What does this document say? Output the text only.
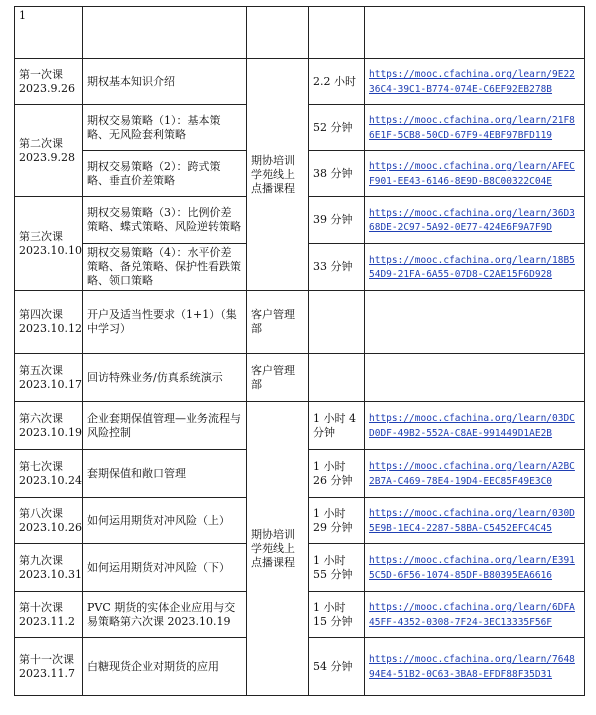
1				

第一次课
2023.9.26	期权基本知识介绍	期协培训学苑线上点播课程	2.2 小时	https://mooc.cfachina.org/learn/9E2236C4-39C1-B774-074E-C6EF92EB278B

第二次课
2023.9.28	期权交易策略（1）：基本策略、无风险套利策略		52 分钟	https://mooc.cfachina.org/learn/21F86E1F-5CB8-50CD-67F9-4EBF97BFD119
	期权交易策略（2）：跨式策略、垂直价差策略		38 分钟	https://mooc.cfachina.org/learn/AFECF901-EE43-6146-8E9D-B8C00322C04E

第三次课
2023.10.10	期权交易策略（3）：比例价差策略、蝶式策略、风险逆转策略		39 分钟	https://mooc.cfachina.org/learn/36D368DE-2C97-5A92-0E77-424E6F9A7F9D
	期权交易策略（4）：水平价差策略、备兑策略、保护性看跌策略、领口策略		33 分钟	https://mooc.cfachina.org/learn/18B554D9-21FA-6A55-07D8-C2AE15F6D928

第四次课
2023.10.12	开户及适当性要求（1+1）（集中学习）	客户管理部		

第五次课
2023.10.17	回访特殊业务/仿真系统演示	客户管理部		

第六次课
2023.10.19	企业套期保值管理—业务流程与风险控制	期协培训学苑线上点播课程	1 小时 4 分钟	https://mooc.cfachina.org/learn/03DCD0DF-49B2-552A-C8AE-991449D1AE2B

第七次课
2023.10.24	套期保值和敞口管理		1 小时 26 分钟	https://mooc.cfachina.org/learn/A2BC2B7A-C469-78E4-19D4-EEC85F49E3C0

第八次课
2023.10.26	如何运用期货对冲风险（上）		1 小时 29 分钟	https://mooc.cfachina.org/learn/030D5E9B-1EC4-2287-58BA-C5452EFC4C45

第九次课
2023.10.31	如何运用期货对冲风险（下）		1 小时 55 分钟	https://mooc.cfachina.org/learn/E3915C5D-6F56-1074-85DF-B80395EA6616

第十次课
2023.11.2	PVC 期货的实体企业应用与交易策略第六次课 2023.10.19		1 小时 15 分钟	https://mooc.cfachina.org/learn/6DFA45FF-4352-0308-7F24-3EC13335F56F

第十一次课
2023.11.7	白糖现货企业对期货的应用		54 分钟	https://mooc.cfachina.org/learn/764894E4-51B2-0C63-3BA8-EFDF88F35D31
